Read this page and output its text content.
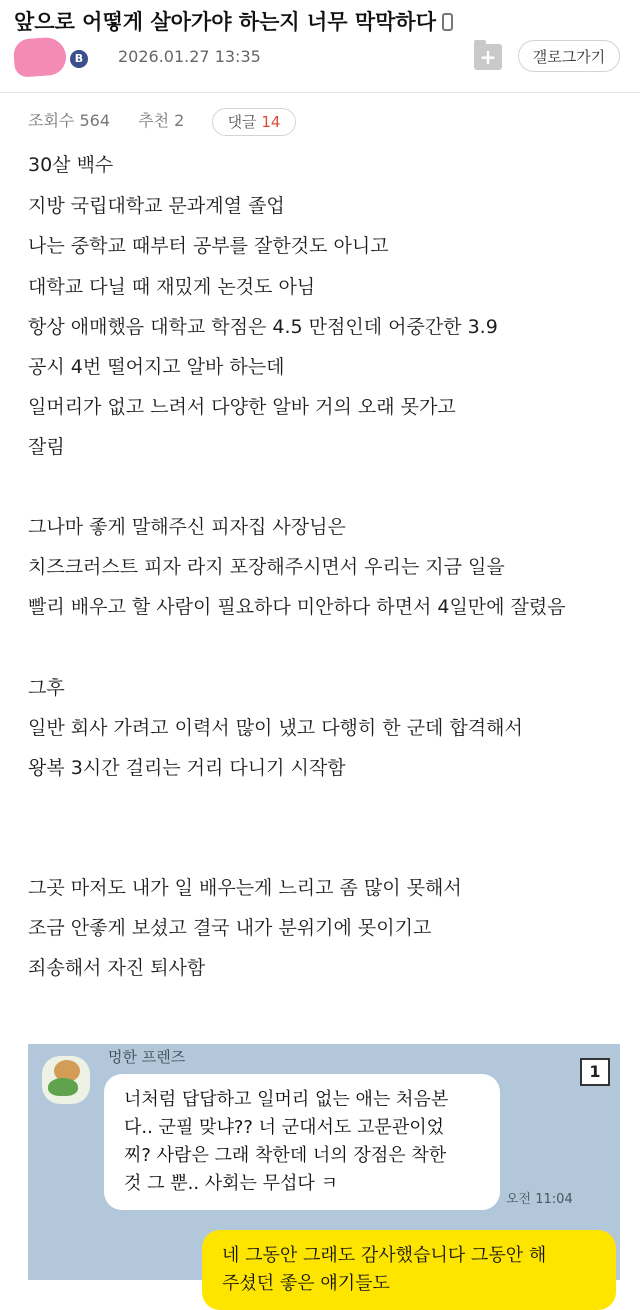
앞으로 어떻게 살아가야 하는지 너무 막막하다
B	2026.01.27 13:35	+	갤로그가기
조회수 564 추천 2	댓글 14
30살 백수
지방 국립대학교 문과계열 졸업
나는 중학교 때부터 공부를 잘한것도 아니고
대학교 다닐 때 재밌게 논것도 아님
항상 애매했음 대학교 학점은 4.5 만점인데 어중간한 3.9
공시 4번 떨어지고 알바 하는데
일머리가 없고 느려서 다양한 알바 거의 오래 못가고
잘림
그나마 좋게 말해주신 피자집 사장님은
치즈크러스트 피자 라지 포장해주시면서 우리는 지금 일을
빨리 배우고 할 사람이 필요하다 미안하다 하면서 4일만에 잘렸음
그후
일반 회사 가려고 이력서 많이 냈고 다행히 한 군데 합격해서
왕복 3시간 걸리는 거리 다니기 시작함
그곳 마저도 내가 일 배우는게 느리고 좀 많이 못해서
조금 안좋게 보셨고 결국 내가 분위기에 못이기고
죄송해서 자진 퇴사함
멍한 프렌즈
1
너처럼 답답하고 일머리 없는 애는 처음본
다.. 군필 맞냐?? 너 군대서도 고문관이었
찌? 사람은 그래 착한데 너의 장점은 착한
것 그 뿐.. 사회는 무섭다 ㅋ
오전 11:04
네 그동안 그래도 감사했습니다 그동안 해
주셨던 좋은 얘기들도
